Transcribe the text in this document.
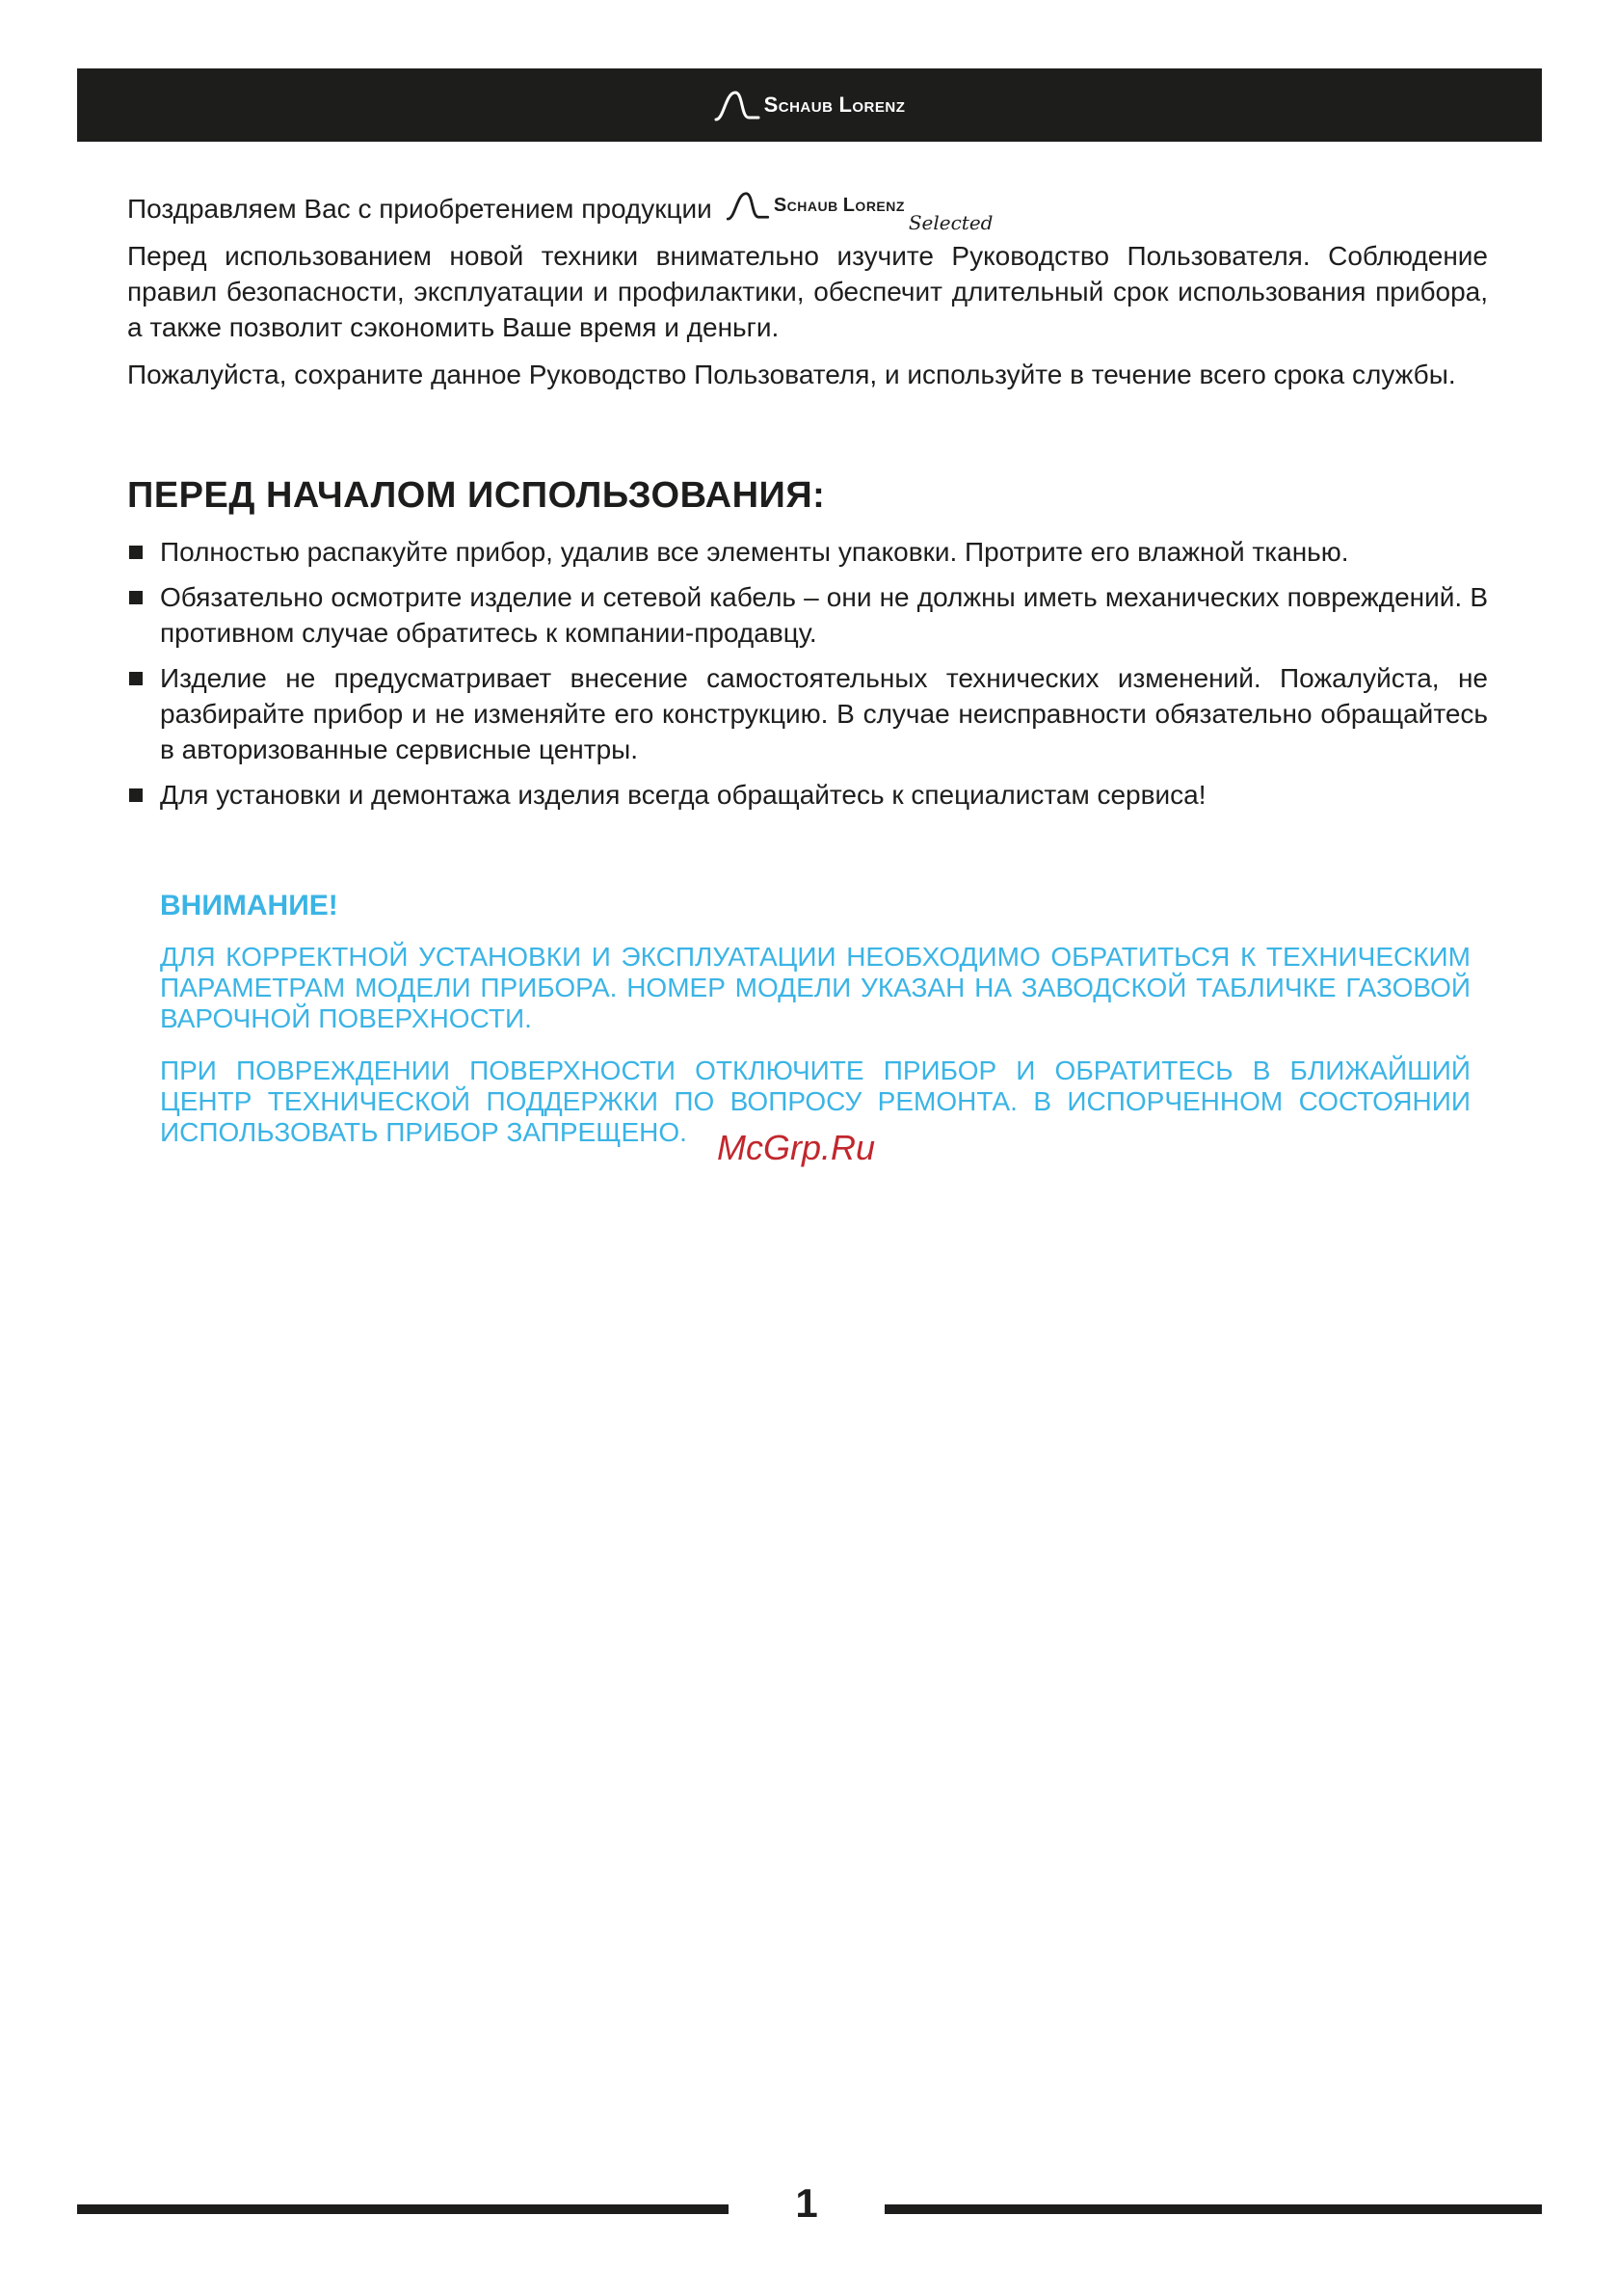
Schaub Lorenz
Поздравляем Вас с приобретением продукции	Schaub Lorenz
Selected

Перед использованием новой техники внимательно изучите Руководство Пользователя. Соблюдение правил безопасности, эксплуатации и профилактики, обеспечит длительный срок использования прибора, а также позволит сэкономить Ваше время и деньги.

Пожалуйста, сохраните данное Руководство Пользователя, и используйте в течение всего срока службы.

ПЕРЕД НАЧАЛОМ ИСПОЛЬЗОВАНИЯ:
Полностью распакуйте прибор, удалив все элементы упаковки. Протрите его влажной тканью.
Обязательно осмотрите изделие и сетевой кабель – они не должны иметь механических повреждений. В противном случае обратитесь к компании-продавцу.
Изделие не предусматривает внесение самостоятельных технических изменений. Пожалуйста, не разбирайте прибор и не изменяйте его конструкцию. В случае неисправности обязательно обращайтесь в авторизованные сервисные центры.
Для установки и демонтажа изделия всегда обращайтесь к специалистам сервиса!
ВНИМАНИЕ!

ДЛЯ КОРРЕКТНОЙ УСТАНОВКИ И ЭКСПЛУАТАЦИИ НЕОБХОДИМО ОБРАТИТЬСЯ К ТЕХНИЧЕСКИМ ПАРАМЕТРАМ МОДЕЛИ ПРИБОРА. НОМЕР МОДЕЛИ УКАЗАН НА ЗАВОДСКОЙ ТАБЛИЧКЕ ГАЗОВОЙ ВАРОЧНОЙ ПОВЕРХНОСТИ.

ПРИ ПОВРЕЖДЕНИИ ПОВЕРХНОСТИ ОТКЛЮЧИТЕ ПРИБОР И ОБРАТИТЕСЬ В БЛИЖАЙШИЙ ЦЕНТР ТЕХНИЧЕСКОЙ ПОДДЕРЖКИ ПО ВОПРОСУ РЕМОНТА. В ИСПОРЧЕННОМ СОСТОЯНИИ ИСПОЛЬЗОВАТЬ ПРИБОР ЗАПРЕЩЕНО. McGrp.Ru
1
